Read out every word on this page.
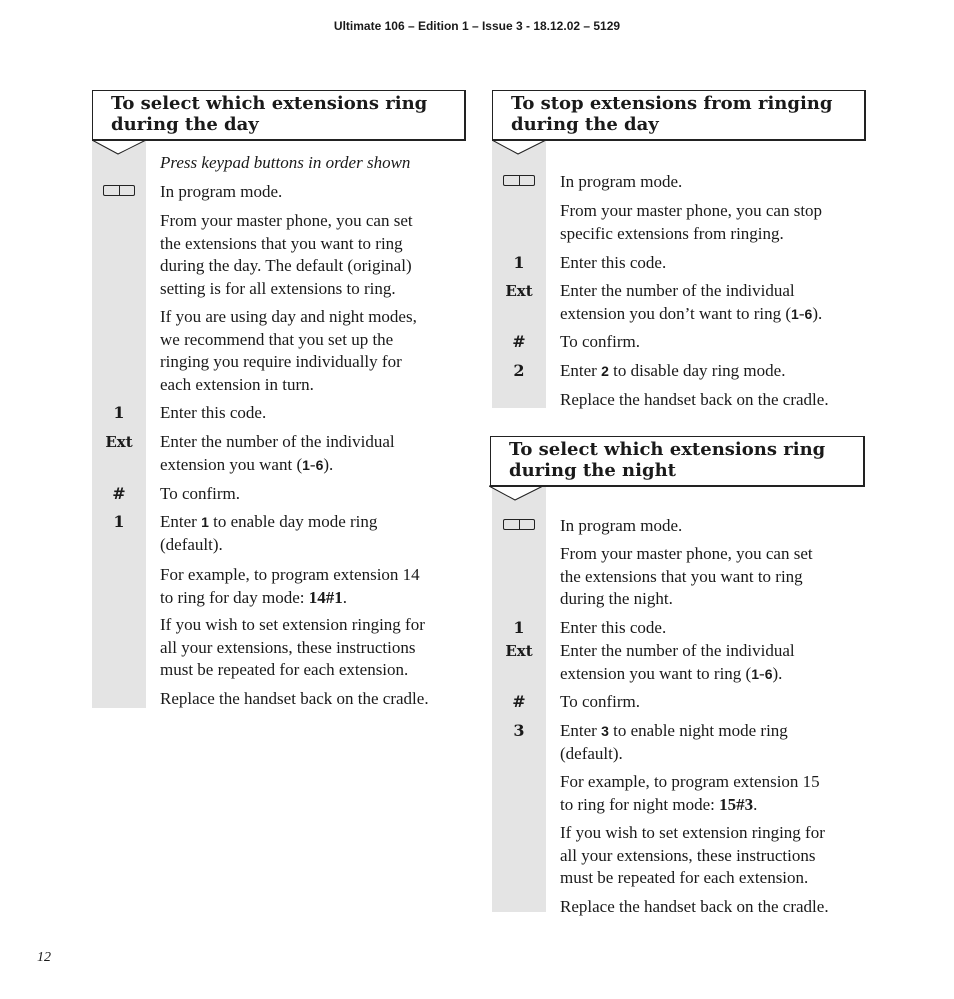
Ultimate 106 – Edition 1 – Issue 3 - 18.12.02 – 5129
To select which extensions ring
during the day
Press keypad buttons in order shown
In program mode.
From your master phone, you can set
the extensions that you want to ring
during the day. The default (original)
setting is for all extensions to ring.
If you are using day and night modes,
we recommend that you set up the
ringing you require individually for
each extension in turn.
1	Enter this code.
Ext	Enter the number of the individual
extension you want (1-6).
#	To confirm.
1	Enter 1 to enable day mode ring
(default).
For example, to program extension 14
to ring for day mode: 14#1.
If you wish to set extension ringing for
all your extensions, these instructions
must be repeated for each extension.
Replace the handset back on the cradle.
To stop extensions from ringing
during the day
In program mode.
From your master phone, you can stop
specific extensions from ringing.
1	Enter this code.
Ext	Enter the number of the individual
extension you don’t want to ring (1-6).
#	To confirm.
2	Enter 2 to disable day ring mode.
Replace the handset back on the cradle.
To select which extensions ring
during the night
In program mode.
From your master phone, you can set
the extensions that you want to ring
during the night.
1	Enter this code.
Ext	Enter the number of the individual
extension you want to ring (1-6).
#	To confirm.
3	Enter 3 to enable night mode ring
(default).
For example, to program extension 15
to ring for night mode: 15#3.
If you wish to set extension ringing for
all your extensions, these instructions
must be repeated for each extension.
Replace the handset back on the cradle.
12
